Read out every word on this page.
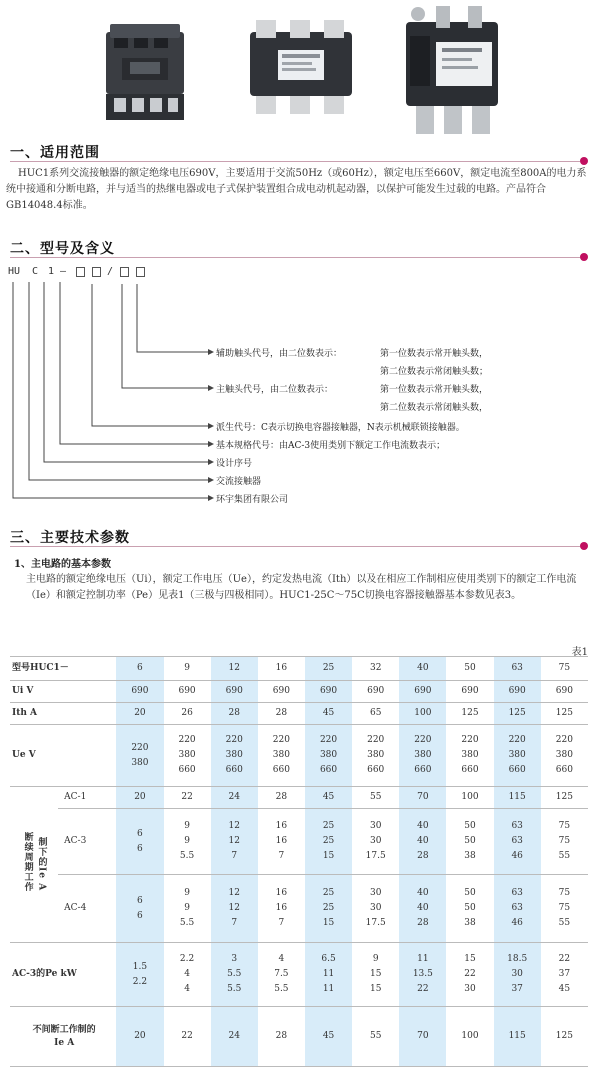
一、适用范围
HUC1系列交流接触器的额定绝缘电压690V，主要适用于交流50Hz（或60Hz），额定电压至660V，额定电流至800A的电力系统中接通和分断电路，并与适当的热继电器或电子式保护装置组合成电动机起动器，以保护可能发生过载的电路。产品符合GB14048.4标准。
二、型号及含义
HU C 1 —	/
辅助触头代号，由二位数表示：	第一位数表示常开触头数，
第二位数表示常闭触头数；
主触头代号，由二位数表示：	第一位数表示常开触头数，
第二位数表示常闭触头数，
派生代号：C表示切换电容器接触器，N表示机械联锁接触器。
基本规格代号：由AC-3使用类别下额定工作电流数表示；
设计序号
交流接触器
环宇集团有限公司
三、主要技术参数
1、主电路的基本参数
主电路的额定绝缘电压（Ui），额定工作电压（Ue），约定发热电流（Ith）以及在相应工作制相应使用类别下的额定工作电流（Ie）和额定控制功率（Pe）见表1（三极与四极相同）。HUC1-25C～75C切换电容器接触器基本参数见表3。
表1
型号HUC1－		6	9	12	16	25	32	40	50	63	75
Ui V		690	690	690	690	690	690	690	690	690	690
Ith A		20	26	28	28	45	65	100	125	125	125
Ue V		220
380	220
380
660	220
380
660	220
380
660	220
380
660	220
380
660	220
380
660	220
380
660	220
380
660	220
380
660
断续周期工作 制下的Ie A	AC-1	20	22	24	28	45	55	70	100	115	125
	AC-3	6
6	9
9
5.5	12
12
7	16
16
7	25
25
15	30
30
17.5	40
40
28	50
50
38	63
63
46	75
75
55
	AC-4	6
6	9
9
5.5	12
12
7	16
16
7	25
25
15	30
30
17.5	40
40
28	50
50
38	63
63
46	75
75
55
AC-3的Pe kW		1.5
2.2	2.2
4
4	3
5.5
5.5	4
7.5
5.5	6.5
11
11	9
15
15	11
13.5
22	15
22
30	18.5
30
37	22
37
45

不间断工作制的
Ie A		20	22	24	28	45	55	70	100	115	125
